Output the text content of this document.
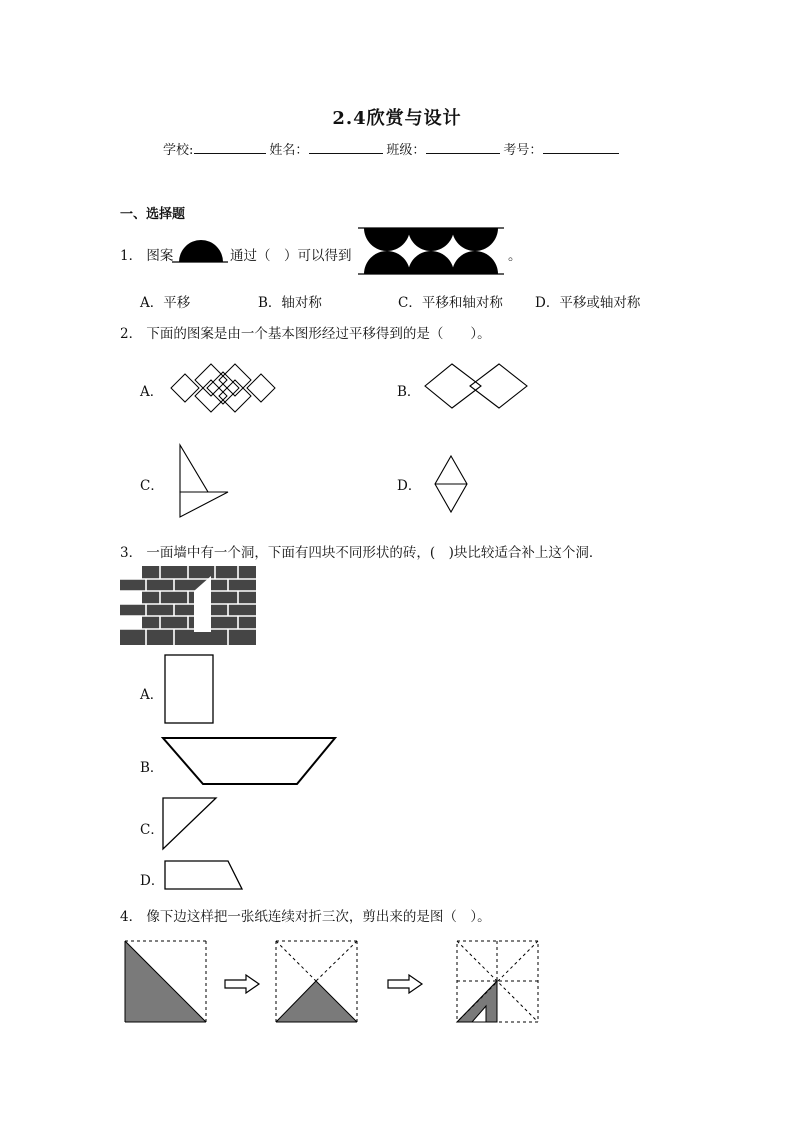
2.4欣赏与设计
学校:	姓名：	班级：	考号：
一、选择题
1． 图案	通过（　）可以得到	。
A．平移	B．轴对称	C．平移和轴对称 D．平移或轴对称
2． 下面的图案是由一个基本图形经过平移得到的是（　　）。
A．	B．
C．	D．
3． 一面墙中有一个洞，下面有四块不同形状的砖，(　)块比较适合补上这个洞．
A．
B．
C．
D．
4． 像下边这样把一张纸连续对折三次，剪出来的是图（　）。
